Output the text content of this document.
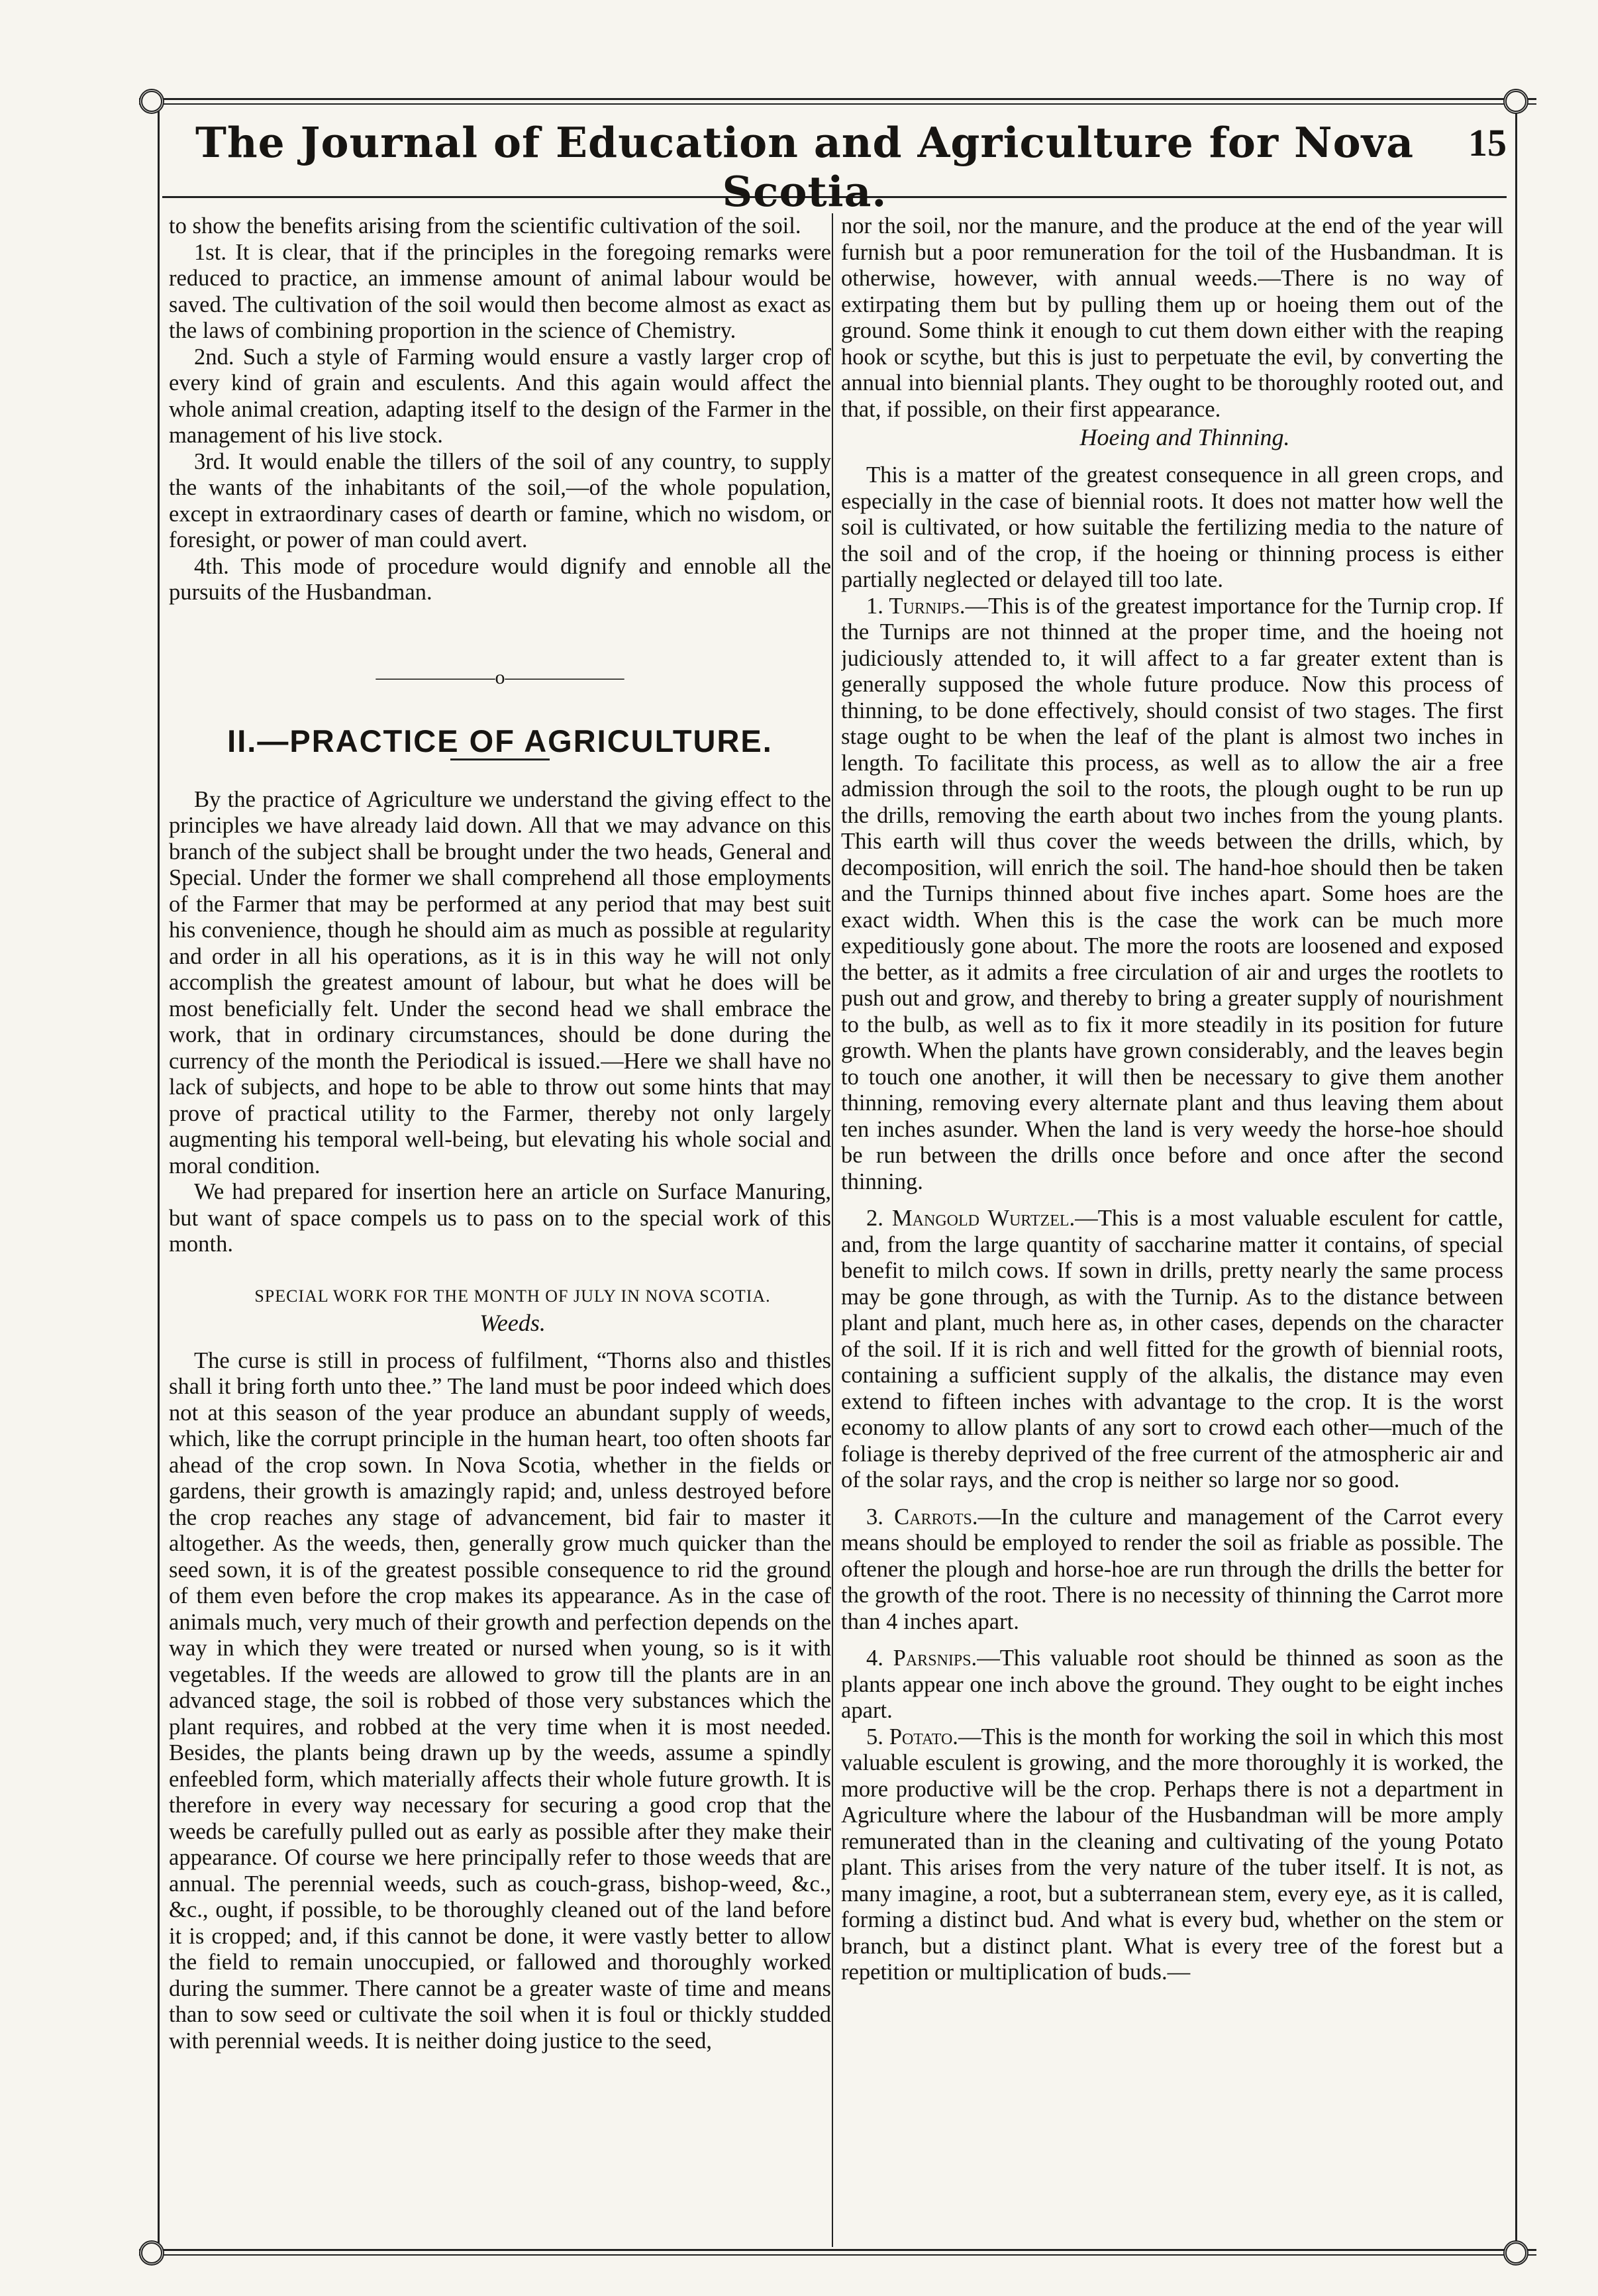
The Journal of Education and Agriculture for Nova Scotia.
15

to show the benefits arising from the scientific cultivation of the soil.

1st. It is clear, that if the principles in the foregoing remarks were reduced to practice, an immense amount of animal labour would be saved. The cultivation of the soil would then become almost as exact as the laws of combining proportion in the science of Chemistry.

2nd. Such a style of Farming would ensure a vastly larger crop of every kind of grain and esculents. And this again would affect the whole animal creation, adapting itself to the design of the Farmer in the management of his live stock.

3rd. It would enable the tillers of the soil of any country, to supply the wants of the inhabitants of the soil,—of the whole population, except in extraordinary cases of dearth or famine, which no wisdom, or foresight, or power of man could avert.

4th. This mode of procedure would dignify and ennoble all the pursuits of the Husbandman.

——————o——————
II.—PRACTICE OF AGRICULTURE.

By the practice of Agriculture we understand the giving effect to the principles we have already laid down. All that we may advance on this branch of the subject shall be brought under the two heads, General and Special. Under the former we shall comprehend all those employments of the Farmer that may be performed at any period that may best suit his convenience, though he should aim as much as possible at regularity and order in all his operations, as it is in this way he will not only accomplish the greatest amount of labour, but what he does will be most beneficially felt. Under the second head we shall embrace the work, that in ordinary circumstances, should be done during the currency of the month the Periodical is issued.—Here we shall have no lack of subjects, and hope to be able to throw out some hints that may prove of practical utility to the Farmer, thereby not only largely augmenting his temporal well-being, but elevating his whole social and moral condition.

We had prepared for insertion here an article on Surface Manuring, but want of space compels us to pass on to the special work of this month.

SPECIAL WORK FOR THE MONTH OF JULY IN NOVA SCOTIA.

Weeds.

The curse is still in process of fulfilment, “Thorns also and thistles shall it bring forth unto thee.” The land must be poor indeed which does not at this season of the year produce an abundant supply of weeds, which, like the corrupt principle in the human heart, too often shoots far ahead of the crop sown. In Nova Scotia, whether in the fields or gardens, their growth is amazingly rapid; and, unless destroyed before the crop reaches any stage of advancement, bid fair to master it altogether. As the weeds, then, generally grow much quicker than the seed sown, it is of the greatest possible consequence to rid the ground of them even before the crop makes its appearance. As in the case of animals much, very much of their growth and perfection depends on the way in which they were treated or nursed when young, so is it with vegetables. If the weeds are allowed to grow till the plants are in an advanced stage, the soil is robbed of those very substances which the plant requires, and robbed at the very time when it is most needed. Besides, the plants being drawn up by the weeds, assume a spindly enfeebled form, which materially affects their whole future growth. It is therefore in every way necessary for securing a good crop that the weeds be carefully pulled out as early as possible after they make their appearance. Of course we here principally refer to those weeds that are annual. The perennial weeds, such as couch-grass, bishop-weed, &c., &c., ought, if possible, to be thoroughly cleaned out of the land before it is cropped; and, if this cannot be done, it were vastly better to allow the field to remain unoccupied, or fallowed and thoroughly worked during the summer. There cannot be a greater waste of time and means than to sow seed or cultivate the soil when it is foul or thickly studded with perennial weeds. It is neither doing justice to the seed,

nor the soil, nor the manure, and the produce at the end of the year will furnish but a poor remuneration for the toil of the Husbandman. It is otherwise, however, with annual weeds.—There is no way of extirpating them but by pulling them up or hoeing them out of the ground. Some think it enough to cut them down either with the reaping hook or scythe, but this is just to perpetuate the evil, by converting the annual into biennial plants. They ought to be thoroughly rooted out, and that, if possible, on their first appearance.

Hoeing and Thinning.

This is a matter of the greatest consequence in all green crops, and especially in the case of biennial roots. It does not matter how well the soil is cultivated, or how suitable the fertilizing media to the nature of the soil and of the crop, if the hoeing or thinning process is either partially neglected or delayed till too late.

1. Turnips.—This is of the greatest importance for the Turnip crop. If the Turnips are not thinned at the proper time, and the hoeing not judiciously attended to, it will affect to a far greater extent than is generally supposed the whole future produce. Now this process of thinning, to be done effectively, should consist of two stages. The first stage ought to be when the leaf of the plant is almost two inches in length. To facilitate this process, as well as to allow the air a free admission through the soil to the roots, the plough ought to be run up the drills, removing the earth about two inches from the young plants. This earth will thus cover the weeds between the drills, which, by decomposition, will enrich the soil. The hand-hoe should then be taken and the Turnips thinned about five inches apart. Some hoes are the exact width. When this is the case the work can be much more expeditiously gone about. The more the roots are loosened and exposed the better, as it admits a free circulation of air and urges the rootlets to push out and grow, and thereby to bring a greater supply of nourishment to the bulb, as well as to fix it more steadily in its position for future growth. When the plants have grown considerably, and the leaves begin to touch one another, it will then be necessary to give them another thinning, removing every alternate plant and thus leaving them about ten inches asunder. When the land is very weedy the horse-hoe should be run between the drills once before and once after the second thinning.

2. Mangold Wurtzel.—This is a most valuable esculent for cattle, and, from the large quantity of saccharine matter it contains, of special benefit to milch cows. If sown in drills, pretty nearly the same process may be gone through, as with the Turnip. As to the distance between plant and plant, much here as, in other cases, depends on the character of the soil. If it is rich and well fitted for the growth of biennial roots, containing a sufficient supply of the alkalis, the distance may even extend to fifteen inches with advantage to the crop. It is the worst economy to allow plants of any sort to crowd each other—much of the foliage is thereby deprived of the free current of the atmospheric air and of the solar rays, and the crop is neither so large nor so good.

3. Carrots.—In the culture and management of the Carrot every means should be employed to render the soil as friable as possible. The oftener the plough and horse-hoe are run through the drills the better for the growth of the root. There is no necessity of thinning the Carrot more than 4 inches apart.

4. Parsnips.—This valuable root should be thinned as soon as the plants appear one inch above the ground. They ought to be eight inches apart.

5. Potato.—This is the month for working the soil in which this most valuable esculent is growing, and the more thoroughly it is worked, the more productive will be the crop. Perhaps there is not a department in Agriculture where the labour of the Husbandman will be more amply remunerated than in the cleaning and cultivating of the young Potato plant. This arises from the very nature of the tuber itself. It is not, as many imagine, a root, but a subterranean stem, every eye, as it is called, forming a distinct bud. And what is every bud, whether on the stem or branch, but a distinct plant. What is every tree of the forest but a repetition or multiplication of buds.—
